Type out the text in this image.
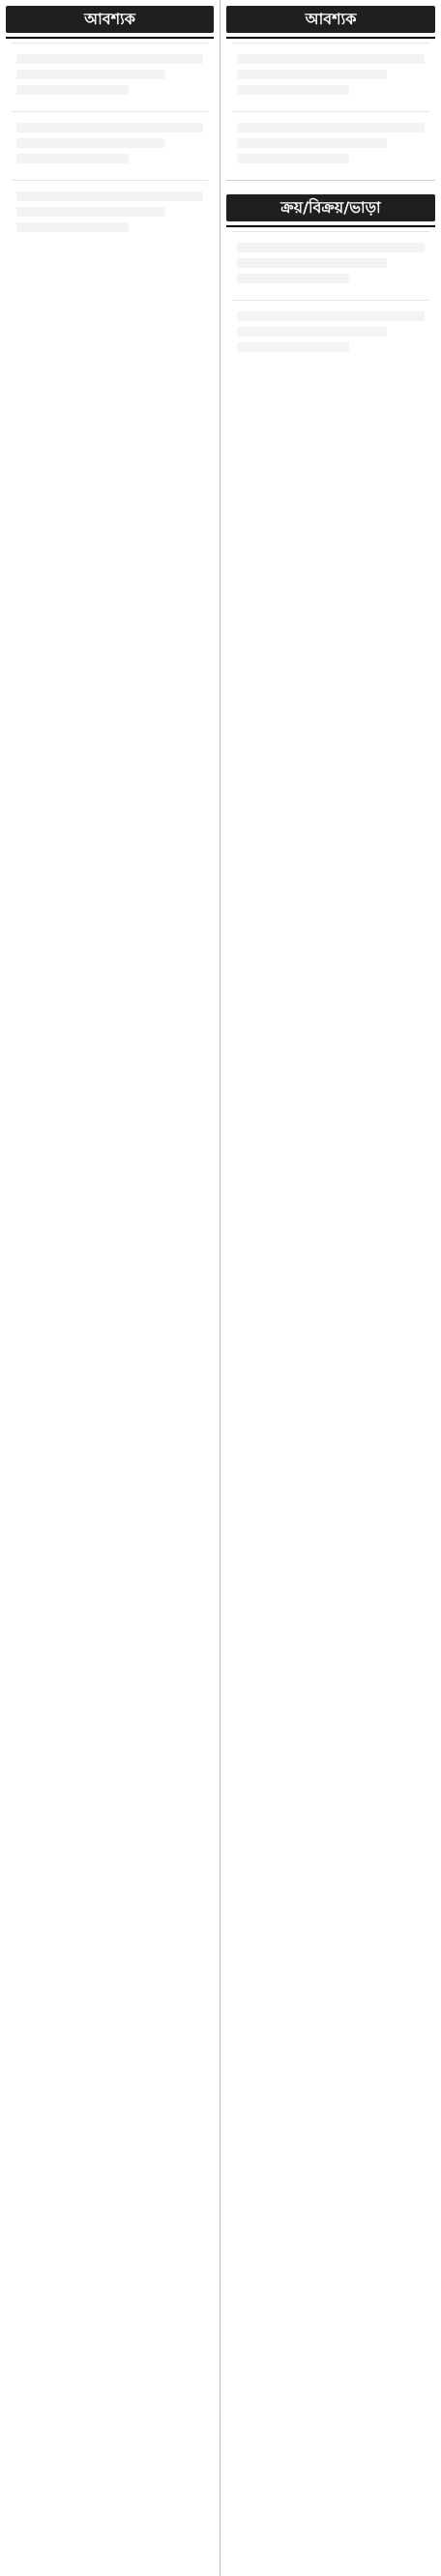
আবশ্যক	আবশ্যক
ক্রয়/বিক্রয়/ভাড়া
